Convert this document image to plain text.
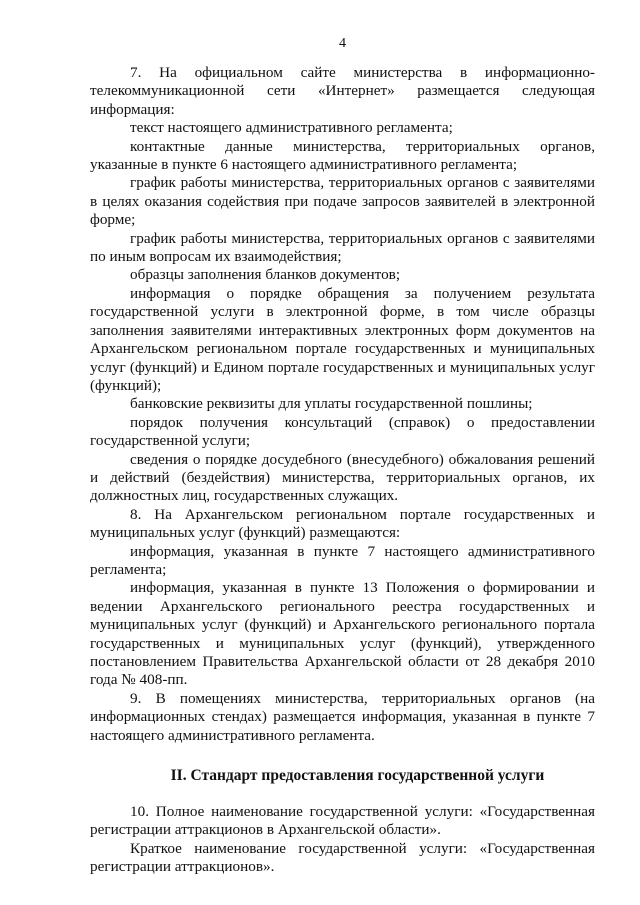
4

7. На официальном сайте министерства в информационно-телекоммуникационной сети «Интернет» размещается следующая информация:

текст настоящего административного регламента;

контактные данные министерства, территориальных органов, указанные в пункте 6 настоящего административного регламента;

график работы министерства, территориальных органов с заявителями в целях оказания содействия при подаче запросов заявителей в электронной форме;

график работы министерства, территориальных органов с заявителями по иным вопросам их взаимодействия;

образцы заполнения бланков документов;

информация о порядке обращения за получением результата государственной услуги в электронной форме, в том числе образцы заполнения заявителями интерактивных электронных форм документов на Архангельском региональном портале государственных и муниципальных услуг (функций) и Едином портале государственных и муниципальных услуг (функций);

банковские реквизиты для уплаты государственной пошлины;

порядок получения консультаций (справок) о предоставлении государственной услуги;

сведения о порядке досудебного (внесудебного) обжалования решений и действий (бездействия) министерства, территориальных органов, их должностных лиц, государственных служащих.

8. На Архангельском региональном портале государственных и муниципальных услуг (функций) размещаются:

информация, указанная в пункте 7 настоящего административного регламента;

информация, указанная в пункте 13 Положения о формировании и ведении Архангельского регионального реестра государственных и муниципальных услуг (функций) и Архангельского регионального портала государственных и муниципальных услуг (функций), утвержденного постановлением Правительства Архангельской области от 28 декабря 2010 года № 408-пп.

9. В помещениях министерства, территориальных органов (на информационных стендах) размещается информация, указанная в пункте 7 настоящего административного регламента.

II. Стандарт предоставления государственной услуги

10. Полное наименование государственной услуги: «Государственная регистрации аттракционов в Архангельской области».

Краткое наименование государственной услуги: «Государственная регистрации аттракционов».
